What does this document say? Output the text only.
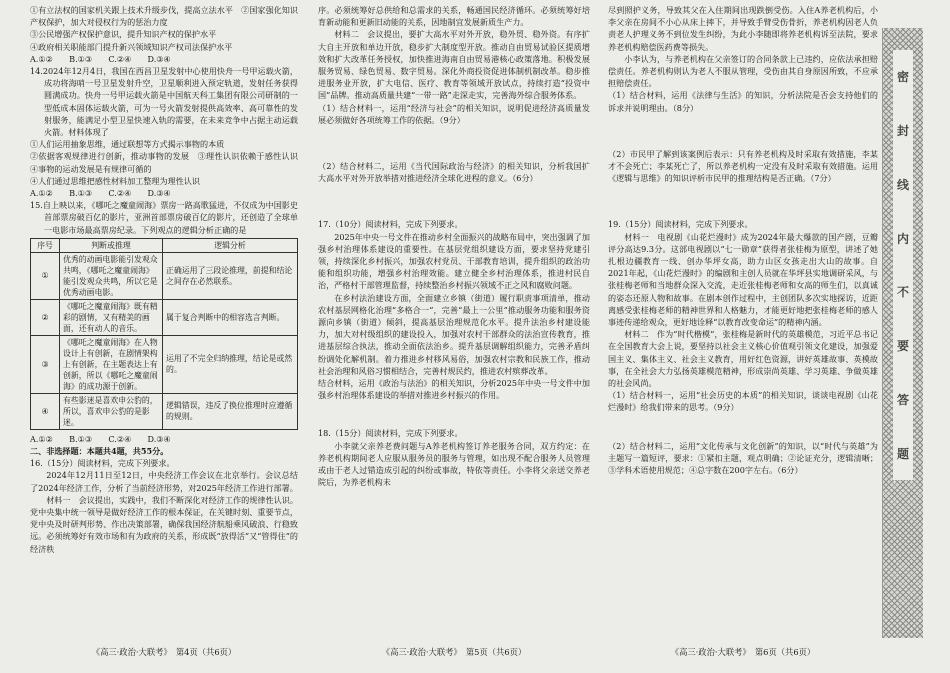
①有立法权的国家机关跟上技术升级步伐，提高立法水平　②国家强化知识产权保护，加大对侵权行为的惩治力度

③公民增强产权保护意识，提升知识产权的保护水平

④政府相关职能部门提升新兴领域知识产权司法保护水平

A.①②　　B.①③　　C.②④　　D.③④

14.2024年12月4日，我国在西昌卫星发射中心使用快舟一号甲运载火箭，成功将海哨一号卫星发射升空，卫星顺利进入预定轨道，发射任务获得圆满成功。快舟一号甲运载火箭是中国航天科工集团有限公司研制的一型低成本固体运载火箭，可为一号火箭发射提供高效率、高可靠性的发射服务，能满足小型卫星快速入轨的需要，在未来竞争中占据主动运载火箭。材料体现了

①人们运用抽象思维，通过联想等方式揭示事物的本质

②依据客观规律进行创新，推动事物的发展　③理性认识依赖于感性认识　④事物的运动发展是有规律可循的

④人们通过思维把感性材料加工整理为理性认识

A.①②　　B.①③　　C.②④　　D.③④

15.自上映以来，《哪吒之魔童闹海》票房一路高歌猛进，不仅成为中国影史首部票房破百亿的影片，亚洲首部票房破百亿的影片，还创造了全球单一电影市场最高票房纪录。下列观点的逻辑分析正确的是

序号	判断或推理	逻辑分析
①	优秀的动画电影能引发观众共鸣，《哪吒之魔童闹海》能引发观众共鸣，所以它是优秀动画电影。	正确运用了三段论推理，前提和结论之间存在必然联系。
②	《哪吒之魔童闹海》既有精彩的剧情，又有精美的画面，还有动人的音乐。	属于复合判断中的相容选言判断。
③	《哪吒之魔童闹海》在人物设计上有创新，在剧情架构上有创新，在主题表达上有创新，所以《哪吒之魔童闹海》的成功源于创新。	运用了不完全归纳推理，结论是或然的。
④	有些影迷是喜欢申公豹的，所以，喜欢申公豹的是影迷。	逻辑错误，违反了换位推理时应遵循的规则。

A.①②　　B.①③　　C.②④　　D.③④

二、非选择题：本题共4题，共55分。

16.（15分）阅读材料，完成下列要求。

2024年12月11日至12日，中央经济工作会议在北京举行。会议总结了2024年经济工作，分析了当前经济形势，对2025年经济工作进行部署。

材料一　会议提出，实践中，我们不断深化对经济工作的规律性认识。党中央集中统一领导是做好经济工作的根本保证，在关键时刻、重要节点，党中央及时研判形势、作出决策部署，确保我国经济航船乘风破浪、行稳致远。必须统筹好有效市场和有为政府的关系，形成既“放得活”又“管得住”的经济秩

《高三·政治·大联考》　第4页（共6页）

序。必须统筹好总供给和总需求的关系，畅通国民经济循环。必须统筹好培育新动能和更新旧动能的关系，因地制宜发展新质生产力。

材料二　会议提出，要扩大高水平对外开放，稳外贸、稳外资。有序扩大自主开放和单边开放，稳步扩大制度型开放。推动自由贸易试验区提质增效和扩大改革任务授权，加快推进海南自由贸易港核心政策落地。积极发展服务贸易、绿色贸易、数字贸易。深化外商投资促进体制机制改革。稳步推进服务业开放，扩大电信、医疗、教育等领域开放试点，持续打造“投资中国”品牌。推动高质量共建“一带一路”走深走实，完善海外综合服务体系。

（1）结合材料一，运用“经济与社会”的相关知识，说明促进经济高质量发展必须做好各项统筹工作的依据。（9分）

（2）结合材料二，运用《当代国际政治与经济》的相关知识，分析我国扩大高水平对外开放举措对推进经济全球化进程的意义。（6分）

17.（10分）阅读材料，完成下列要求。

2025年中央一号文件在推动乡村全面振兴的战略布局中，突出强调了加强乡村治理体系建设的重要性。在基层党组织建设方面，要求坚持党建引领，持续深化乡村振兴，加强农村党员、干部教育培训，提升组织的政治功能和组织功能，增强乡村治理效能。建立健全乡村治理体系，推进村民自治，严格村干部管理监督，持续整治乡村振兴领域不正之风和腐败问题。

在乡村法治建设方面，全面建立乡镇（街道）履行职责事项清单，推动农村基层网格化治理“多格合一”，完善“最上一公里”推动服务功能和服务资源向乡镇（街道）倾斜，提高基层治理规范化水平。提升法治乡村建设能力，加大对村级组织的建设投入，加强对农村干部群众的法治宣传教育，推进基层综合执法，推动全面依法治乡。提升基层调解组织能力，完善矛盾纠纷调处化解机制。着力推进乡村移风易俗，加强农村宗教和民族工作，推动社会治理和风俗习惯相结合，完善村规民约，推进农村殡葬改革。

结合材料，运用《政治与法治》的相关知识，分析2025年中央一号文件中加强乡村治理体系建设的举措对推进乡村振兴的作用。

18.（15分）阅读材料，完成下列要求。

小李就父亲养老费问题与A养老机构签订养老服务合同，双方约定：在养老机构期间老人应服从服务员的服务与管理，如出现不配合服务人员管理或由于老人过错造成引起的纠纷或事故，特依等责任。小李将父亲送交养老院后，为养老机构未

《高三·政治·大联考》　第5页（共6页）

尽到照护义务，导致其父在入住期间出现跌倒受伤。入住A养老机构后，小李父亲在房间不小心从床上摔下，并导致手臂受伤骨折，养老机构因老人负责老人护理义务不到位发生纠纷，为此小李随即将养老机构诉至法院，要求养老机构赔偿医药费等损失。

小李认为，与养老机构在父亲签订的合同条款上已违约，应依法承担赔偿责任。养老机构则认为老人不服从管理，受伤由其自身原因所致，不应承担赔偿责任。

（1）结合材料，运用《法律与生活》的知识，分析法院是否会支持他们的诉求并说明理由。（8分）

（2）市民甲了解到该案例后表示：只有养老机构及时采取有效措施，李某才不会死亡；李某死亡了，所以养老机构一定没有及时采取有效措施。运用《逻辑与思维》的知识评析市民甲的推理结构是否正确。（7分）

19.（15分）阅读材料，完成下列要求。

材料一　电视剧《山花烂漫时》成为2024年最大爆款的国产剧，豆瓣评分高达9.3分。这部电视剧以“七一勋章”获得者张桂梅为原型，讲述了她扎根边疆教育一线、创办华坪女高，助力山区女孩走出大山的故事。自2021年起，《山花烂漫时》的编剧和主创人员就在华坪县实地调研采风，与张桂梅老师和当地群众深入交流，走近张桂梅老师和女高的师生们，以真诚的姿态还原人物和故事。在剧本创作过程中，主创团队多次实地探访，近距离感受张桂梅老师的精神世界和人格魅力，才能更好地把张桂梅老师的感人事迹传递给观众，更好地诠释“以教育改变命运”的精神内涵。

材料二　作为“时代楷模”，张桂梅是新时代的英雄模范，习近平总书记在全国教育大会上说，要坚持以社会主义核心价值观引领文化建设，加强爱国主义、集体主义、社会主义教育，用好红色资源，讲好英雄故事、英模故事，在全社会大力弘扬英雄模范精神，形成崇尚英雄、学习英雄、争做英雄的社会风尚。

（1）结合材料一，运用“社会历史的本质”的相关知识，谈谈电视剧《山花烂漫时》给我们带来的思考。（9分）

（2）结合材料二，运用“文化传承与文化创新”的知识，以“时代与英雄”为主题写一篇短评，要求：①紧扣主题，观点明确；②论证充分，逻辑清晰；③学科术语使用规范；④总字数在200字左右。（6分）

《高三·政治·大联考》　第6页（共6页）
密
封
线
内
不
要
答
题
